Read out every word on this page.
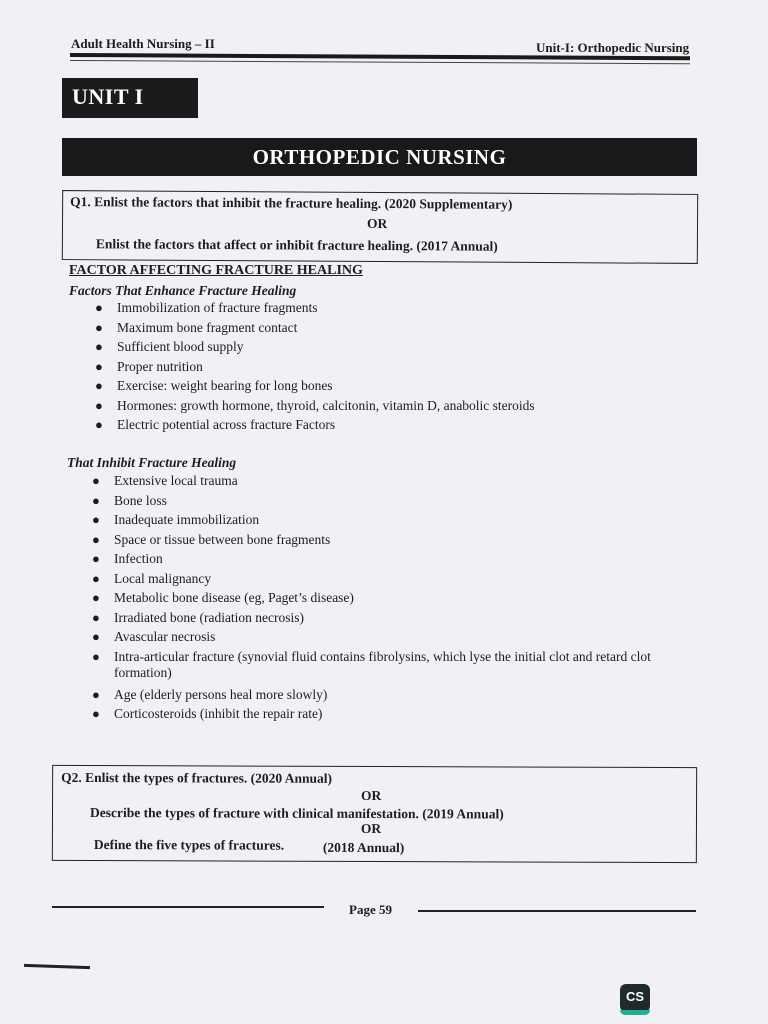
Adult Health Nursing – II	Unit-I: Orthopedic Nursing
UNIT I
ORTHOPEDIC NURSING
Q1. Enlist the factors that inhibit the fracture healing. (2020 Supplementary)
OR
Enlist the factors that affect or inhibit fracture healing. (2017 Annual)
FACTOR AFFECTING FRACTURE HEALING
Factors That Enhance Fracture Healing
● Immobilization of fracture fragments
● Maximum bone fragment contact
● Sufficient blood supply
● Proper nutrition
● Exercise: weight bearing for long bones
● Hormones: growth hormone, thyroid, calcitonin, vitamin D, anabolic steroids
● Electric potential across fracture Factors
That Inhibit Fracture Healing
● Extensive local trauma
● Bone loss
● Inadequate immobilization
● Space or tissue between bone fragments
● Infection
● Local malignancy
● Metabolic bone disease (eg, Paget’s disease)
● Irradiated bone (radiation necrosis)
● Avascular necrosis
● Intra-articular fracture (synovial fluid contains fibrolysins, which lyse the initial clot and retard clot formation)
● Age (elderly persons heal more slowly)
● Corticosteroids (inhibit the repair rate)
Q2. Enlist the types of fractures. (2020 Annual)
OR
Describe the types of fracture with clinical manifestation. (2019 Annual)
OR
Define the five types of fractures.	(2018 Annual)
Page 59
CS
